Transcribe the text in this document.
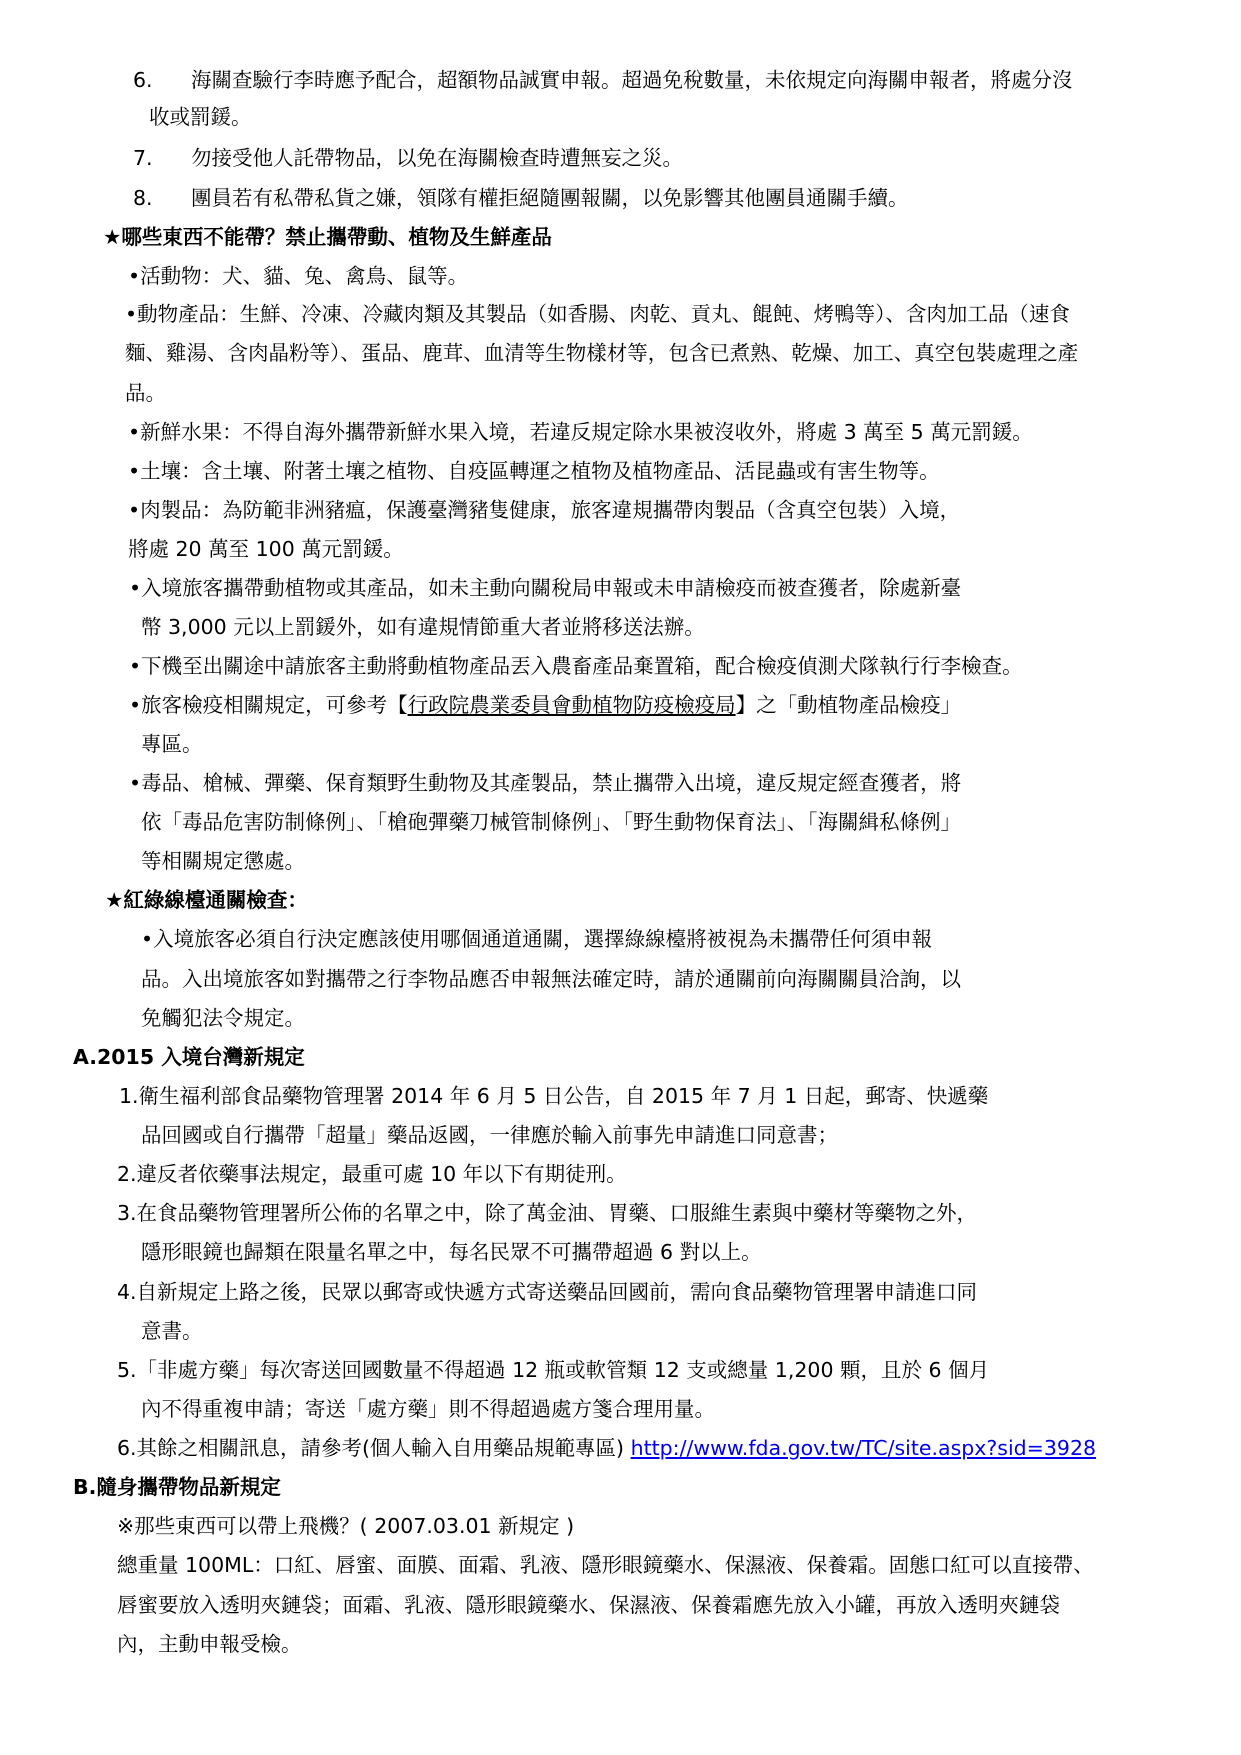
6. 海關查驗行李時應予配合，超額物品誠實申報。超過免稅數量，未依規定向海關申報者，將處分沒
收或罰鍰。
7. 勿接受他人託帶物品，以免在海關檢查時遭無妄之災。
8. 團員若有私帶私貨之嫌，領隊有權拒絕隨團報關，以免影響其他團員通關手續。
★哪些東西不能帶？禁止攜帶動、植物及生鮮產品
•活動物：犬、貓、兔、禽鳥、鼠等。
•動物產品：生鮮、冷凍、冷藏肉類及其製品（如香腸、肉乾、貢丸、餛飩、烤鴨等）、含肉加工品（速食
麵、雞湯、含肉晶粉等）、蛋品、鹿茸、血清等生物樣材等，包含已煮熟、乾燥、加工、真空包裝處理之產
品。
•新鮮水果：不得自海外攜帶新鮮水果入境，若違反規定除水果被沒收外，將處 3 萬至 5 萬元罰鍰。
•土壤：含土壤、附著土壤之植物、自疫區轉運之植物及植物產品、活昆蟲或有害生物等。
•肉製品：為防範非洲豬瘟，保護臺灣豬隻健康，旅客違規攜帶肉製品（含真空包裝）入境，
將處 20 萬至 100 萬元罰鍰。
•入境旅客攜帶動植物或其產品，如未主動向關稅局申報或未申請檢疫而被查獲者，除處新臺
幣 3,000 元以上罰鍰外，如有違規情節重大者並將移送法辦。
•下機至出關途中請旅客主動將動植物產品丟入農畜產品棄置箱，配合檢疫偵測犬隊執行行李檢查。
•旅客檢疫相關規定，可參考【行政院農業委員會動植物防疫檢疫局】之「動植物產品檢疫」
專區。
•毒品、槍械、彈藥、保育類野生動物及其產製品，禁止攜帶入出境，違反規定經查獲者，將
依「毒品危害防制條例」、「槍砲彈藥刀械管制條例」、「野生動物保育法」、「海關緝私條例」
等相關規定懲處。
★紅綠線檯通關檢查：
•入境旅客必須自行決定應該使用哪個通道通關，選擇綠線檯將被視為未攜帶任何須申報
品。入出境旅客如對攜帶之行李物品應否申報無法確定時，請於通關前向海關關員洽詢，以
免觸犯法令規定。
A.2015 入境台灣新規定
1.衛生福利部食品藥物管理署 2014 年 6 月 5 日公告，自 2015 年 7 月 1 日起，郵寄、快遞藥
品回國或自行攜帶「超量」藥品返國，一律應於輸入前事先申請進口同意書；
2.違反者依藥事法規定，最重可處 10 年以下有期徒刑。
3.在食品藥物管理署所公佈的名單之中，除了萬金油、胃藥、口服維生素與中藥材等藥物之外，
隱形眼鏡也歸類在限量名單之中，每名民眾不可攜帶超過 6 對以上。
4.自新規定上路之後，民眾以郵寄或快遞方式寄送藥品回國前，需向食品藥物管理署申請進口同
意書。
5.「非處方藥」每次寄送回國數量不得超過 12 瓶或軟管類 12 支或總量 1,200 顆，且於 6 個月
內不得重複申請；寄送「處方藥」則不得超過處方箋合理用量。
6.其餘之相關訊息，請參考(個人輸入自用藥品規範專區) http://www.fda.gov.tw/TC/site.aspx?sid=3928
B.隨身攜帶物品新規定
※那些東西可以帶上飛機？( 2007.03.01 新規定 )
總重量 100ML：口紅、唇蜜、面膜、面霜、乳液、隱形眼鏡藥水、保濕液、保養霜。固態口紅可以直接帶、
唇蜜要放入透明夾鏈袋；面霜、乳液、隱形眼鏡藥水、保濕液、保養霜應先放入小罐，再放入透明夾鏈袋
內，主動申報受檢。
